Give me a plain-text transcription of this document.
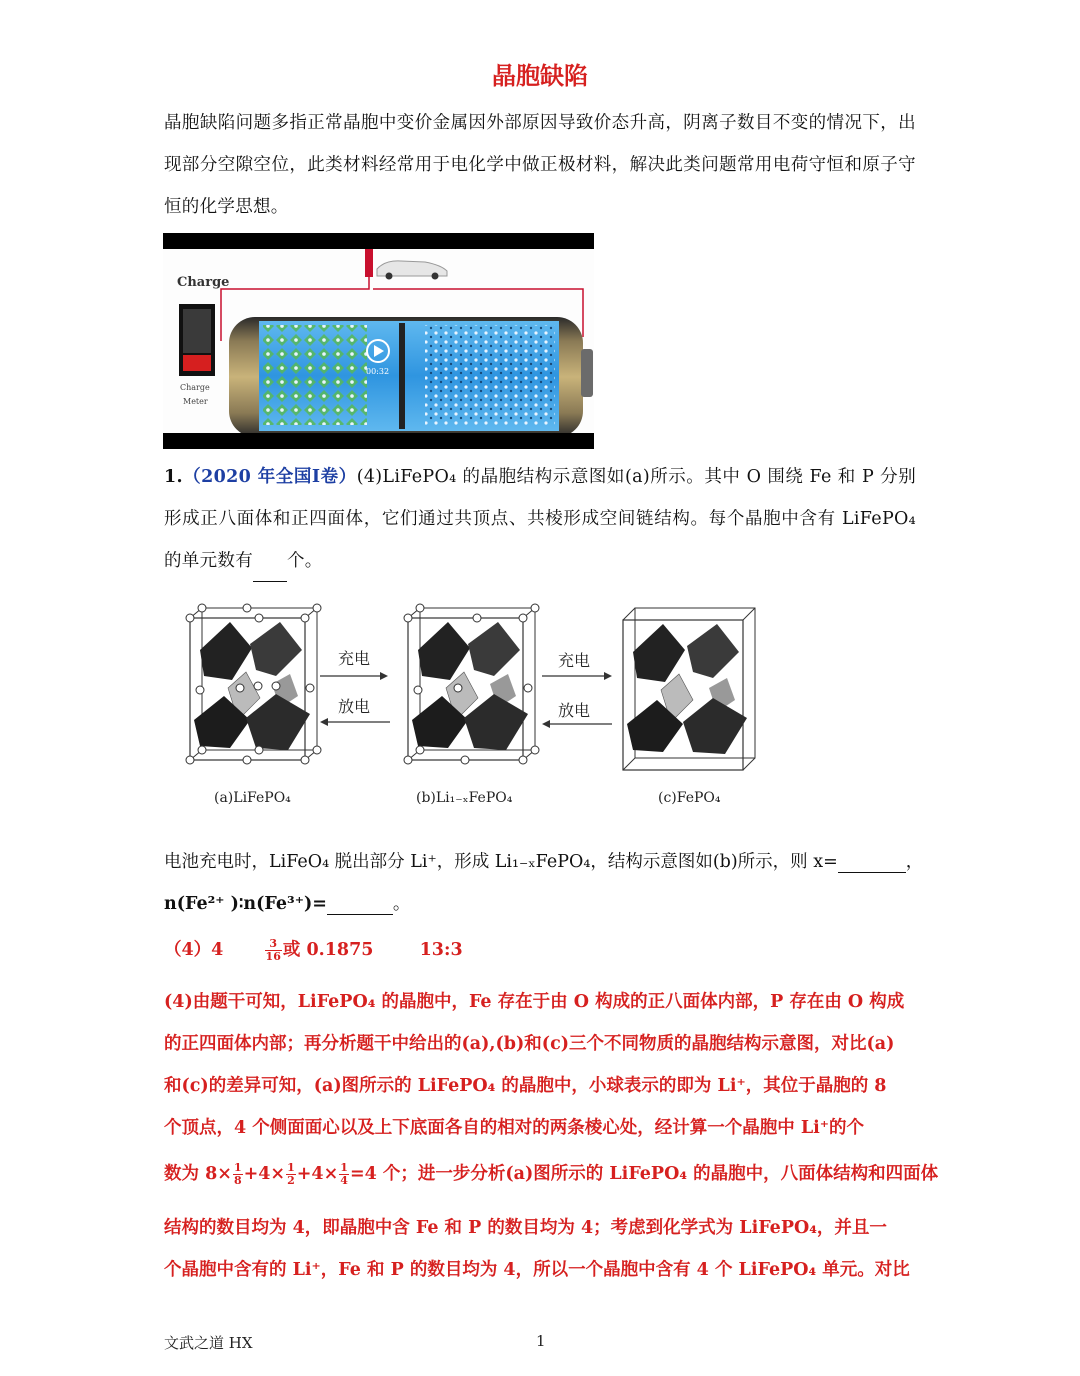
晶胞缺陷
晶胞缺陷问题多指正常晶胞中变价金属因外部原因导致价态升高，阴离子数目不变的情况下，出现部分空隙空位，此类材料经常用于电化学中做正极材料，解决此类问题常用电荷守恒和原子守恒的化学思想。
Charge
Charge
Meter
00:32
1.（2020 年全国Ⅰ卷）(4)LiFePO₄ 的晶胞结构示意图如(a)所示。其中 O 围绕 Fe 和 P 分别形成正八面体和正四面体，它们通过共顶点、共棱形成空间链结构。每个晶胞中含有 LiFePO₄ 的单元数有 个。
充电
放电
充电
放电
(a)LiFePO₄	(b)Li₁₋ₓFePO₄	(c)FePO₄
电池充电时，LiFeO₄ 脱出部分 Li⁺，形成 Li₁₋ₓFePO₄，结构示意图如(b)所示，则 x=	，
n(Fe²⁺ )∶n(Fe³⁺)=	。
（4）4	$\frac{3}{16}$ 或 0.1875	13:3
(4)由题干可知，LiFePO₄ 的晶胞中，Fe 存在于由 O 构成的正八面体内部，P 存在由 O 构成
的正四面体内部；再分析题干中给出的(a),(b)和(c)三个不同物质的晶胞结构示意图，对比(a)
和(c)的差异可知，(a)图所示的 LiFePO₄ 的晶胞中，小球表示的即为 Li⁺，其位于晶胞的 8
个顶点，4 个侧面面心以及上下底面各自的相对的两条棱心处，经计算一个晶胞中 Li⁺的个
数为 $8\times \frac{1}{8} +4\times \frac{1}{2} +4\times \frac{1}{4} =4$ 个；进一步分析(a)图所示的 LiFePO₄ 的晶胞中，八面体结构和四面体
结构的数目均为 4，即晶胞中含 Fe 和 P 的数目均为 4；考虑到化学式为 LiFePO₄，并且一
个晶胞中含有的 Li⁺，Fe 和 P 的数目均为 4，所以一个晶胞中含有 4 个 LiFePO₄ 单元。对比
文武之道 HX	1
